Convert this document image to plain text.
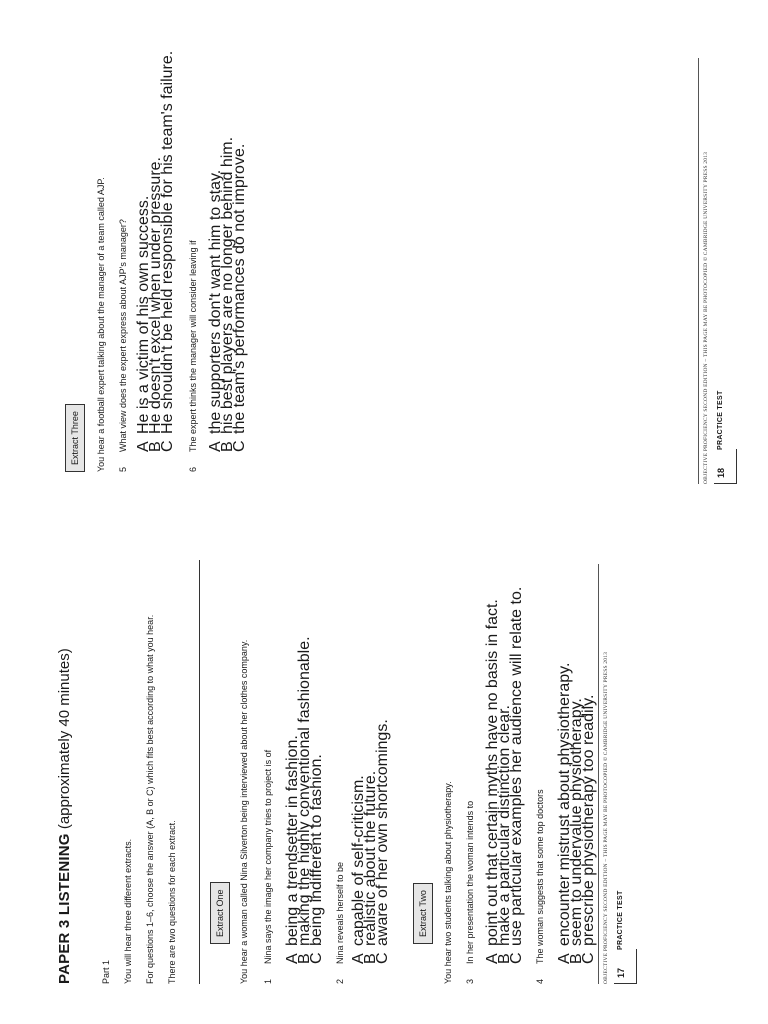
PAPER 3 LISTENING (approximately 40 minutes)
Part 1 You will hear three different extracts. For questions 1–6, choose the answer (A, B or C) which fits best according to what you hear. There are two questions for each extract.	Extract One	You hear a woman called Nina Silverton being interviewed about her clothes company. 1
Nina says the image her company tries to project is of A
being a trendsetter in fashion.
B
making the highly conventional fashionable.
C
being indifferent to fashion.
2
Nina reveals herself to be A
capable of self-criticism.
B
realistic about the future.
C
aware of her own shortcomings.	Extract Two	You hear two students talking about physiotherapy. 3
In her presentation the woman intends to A
point out that certain myths have no basis in fact.
B
make a particular distinction clear.
C
use particular examples her audience will relate to.
4
The woman suggests that some top doctors A
encounter mistrust about physiotherapy.
B
seem to undervalue physiotherapy.
C
prescribe physiotherapy too readily. OBJECTIVE PROFICIENCY SECOND EDITION – THIS PAGE MAY BE PHOTOCOPIED © CAMBRIDGE UNIVERSITY PRESS 2013 17
PRACTICE TEST
Extract Three	You hear a football expert talking about the manager of a team called AJP. 5
What view does the expert express about AJP's manager? A
He is a victim of his own success.
B
He doesn't excel when under pressure.
C
He shouldn't be held responsible for his team's failure.
6
The expert thinks the manager will consider leaving if A
the supporters don't want him to stay.
B
his best players are no longer behind him.
C
the team's performances do not improve.	OBJECTIVE PROFICIENCY SECOND EDITION – THIS PAGE MAY BE PHOTOCOPIED © CAMBRIDGE UNIVERSITY PRESS 2013 18
PRACTICE TEST
